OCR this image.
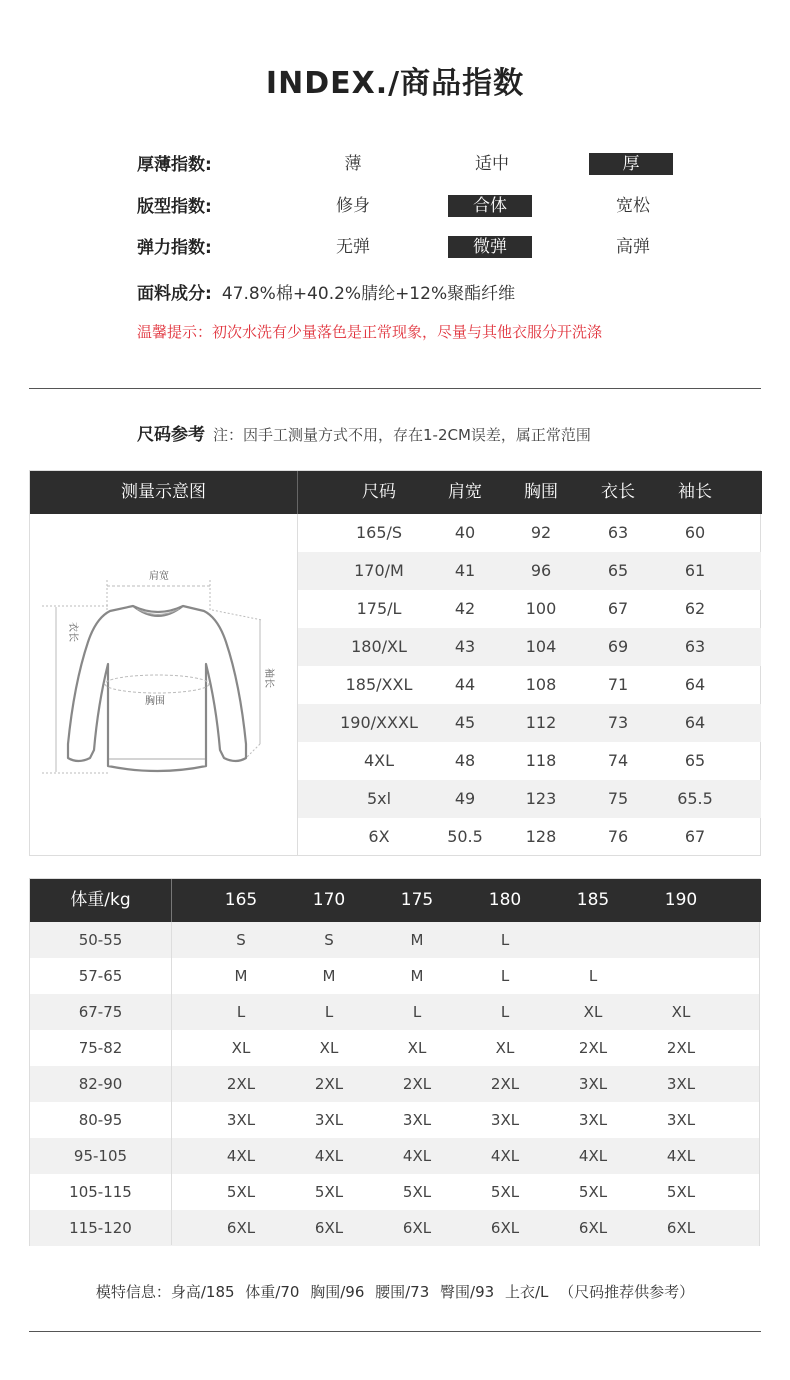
INDEX./商品指数
厚薄指数:	薄	适中	厚
版型指数:	修身	合体	宽松
弹力指数:	无弹	微弹	高弹
面料成分: 47.8%棉+40.2%腈纶+12%聚酯纤维
温馨提示：初次水洗有少量落色是正常现象，尽量与其他衣服分开洗涤
尺码参考 注：因手工测量方式不用，存在1-2CM误差，属正常范围
测量示意图	尺码	肩宽	胸围	衣长	袖长
肩宽
衣长
袖长
胸围
165/S	40	92	63	60
170/M	41	96	65	61
175/L	42	100	67	62
180/XL	43	104	69	63
185/XXL	44	108	71	64
190/XXXL	45	112	73	64
4XL	48	118	74	65
5xl	49	123	75	65.5
6X	50.5	128	76	67
体重/kg	165	170	175	180	185	190
50-55	S	S	M	L
57-65	M	M	M	L	L
67-75	L	L	L	L	XL	XL
75-82	XL	XL	XL	XL	2XL	2XL
82-90	2XL	2XL	2XL	2XL	3XL	3XL
80-95	3XL	3XL	3XL	3XL	3XL	3XL
95-105	4XL	4XL	4XL	4XL	4XL	4XL
105-115	5XL	5XL	5XL	5XL	5XL	5XL
115-120	6XL	6XL	6XL	6XL	6XL	6XL
模特信息：身高/185 体重/70 胸围/96 腰围/73 臀围/93 上衣/L （尺码推荐供参考）
